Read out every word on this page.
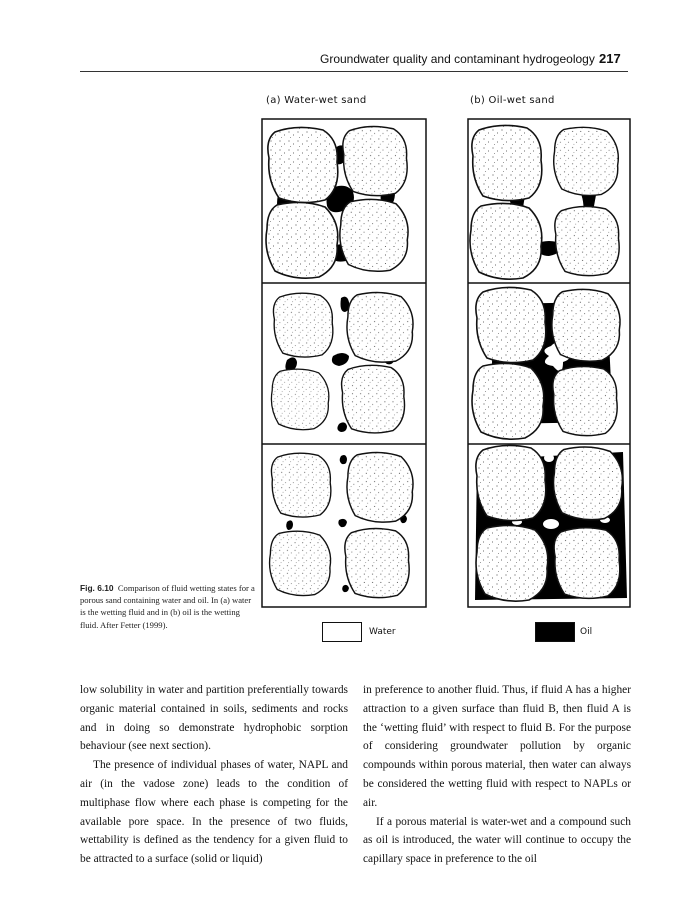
Groundwater quality and contaminant hydrogeology 217
(a) Water-wet sand	(b) Oil-wet sand
Fig. 6.10 Comparison of fluid wetting states for a porous sand containing water and oil. In (a) water is the wetting fluid and in (b) oil is the wetting fluid. After Fetter (1999).
Water	Oil

low solubility in water and partition preferentially towards organic material contained in soils, sediments and rocks and in doing so demonstrate hydrophobic sorption behaviour (see next section).

The presence of individual phases of water, NAPL and air (in the vadose zone) leads to the condition of multiphase flow where each phase is competing for the available pore space. In the presence of two fluids, wettability is defined as the tendency for a given fluid to be attracted to a surface (solid or liquid)

in preference to another fluid. Thus, if fluid A has a higher attraction to a given surface than fluid B, then fluid A is the ‘wetting fluid’ with respect to fluid B. For the purpose of considering groundwater pollution by organic compounds within porous material, then water can always be considered the wetting fluid with respect to NAPLs or air.

If a porous material is water-wet and a compound such as oil is introduced, the water will continue to occupy the capillary space in preference to the oil
